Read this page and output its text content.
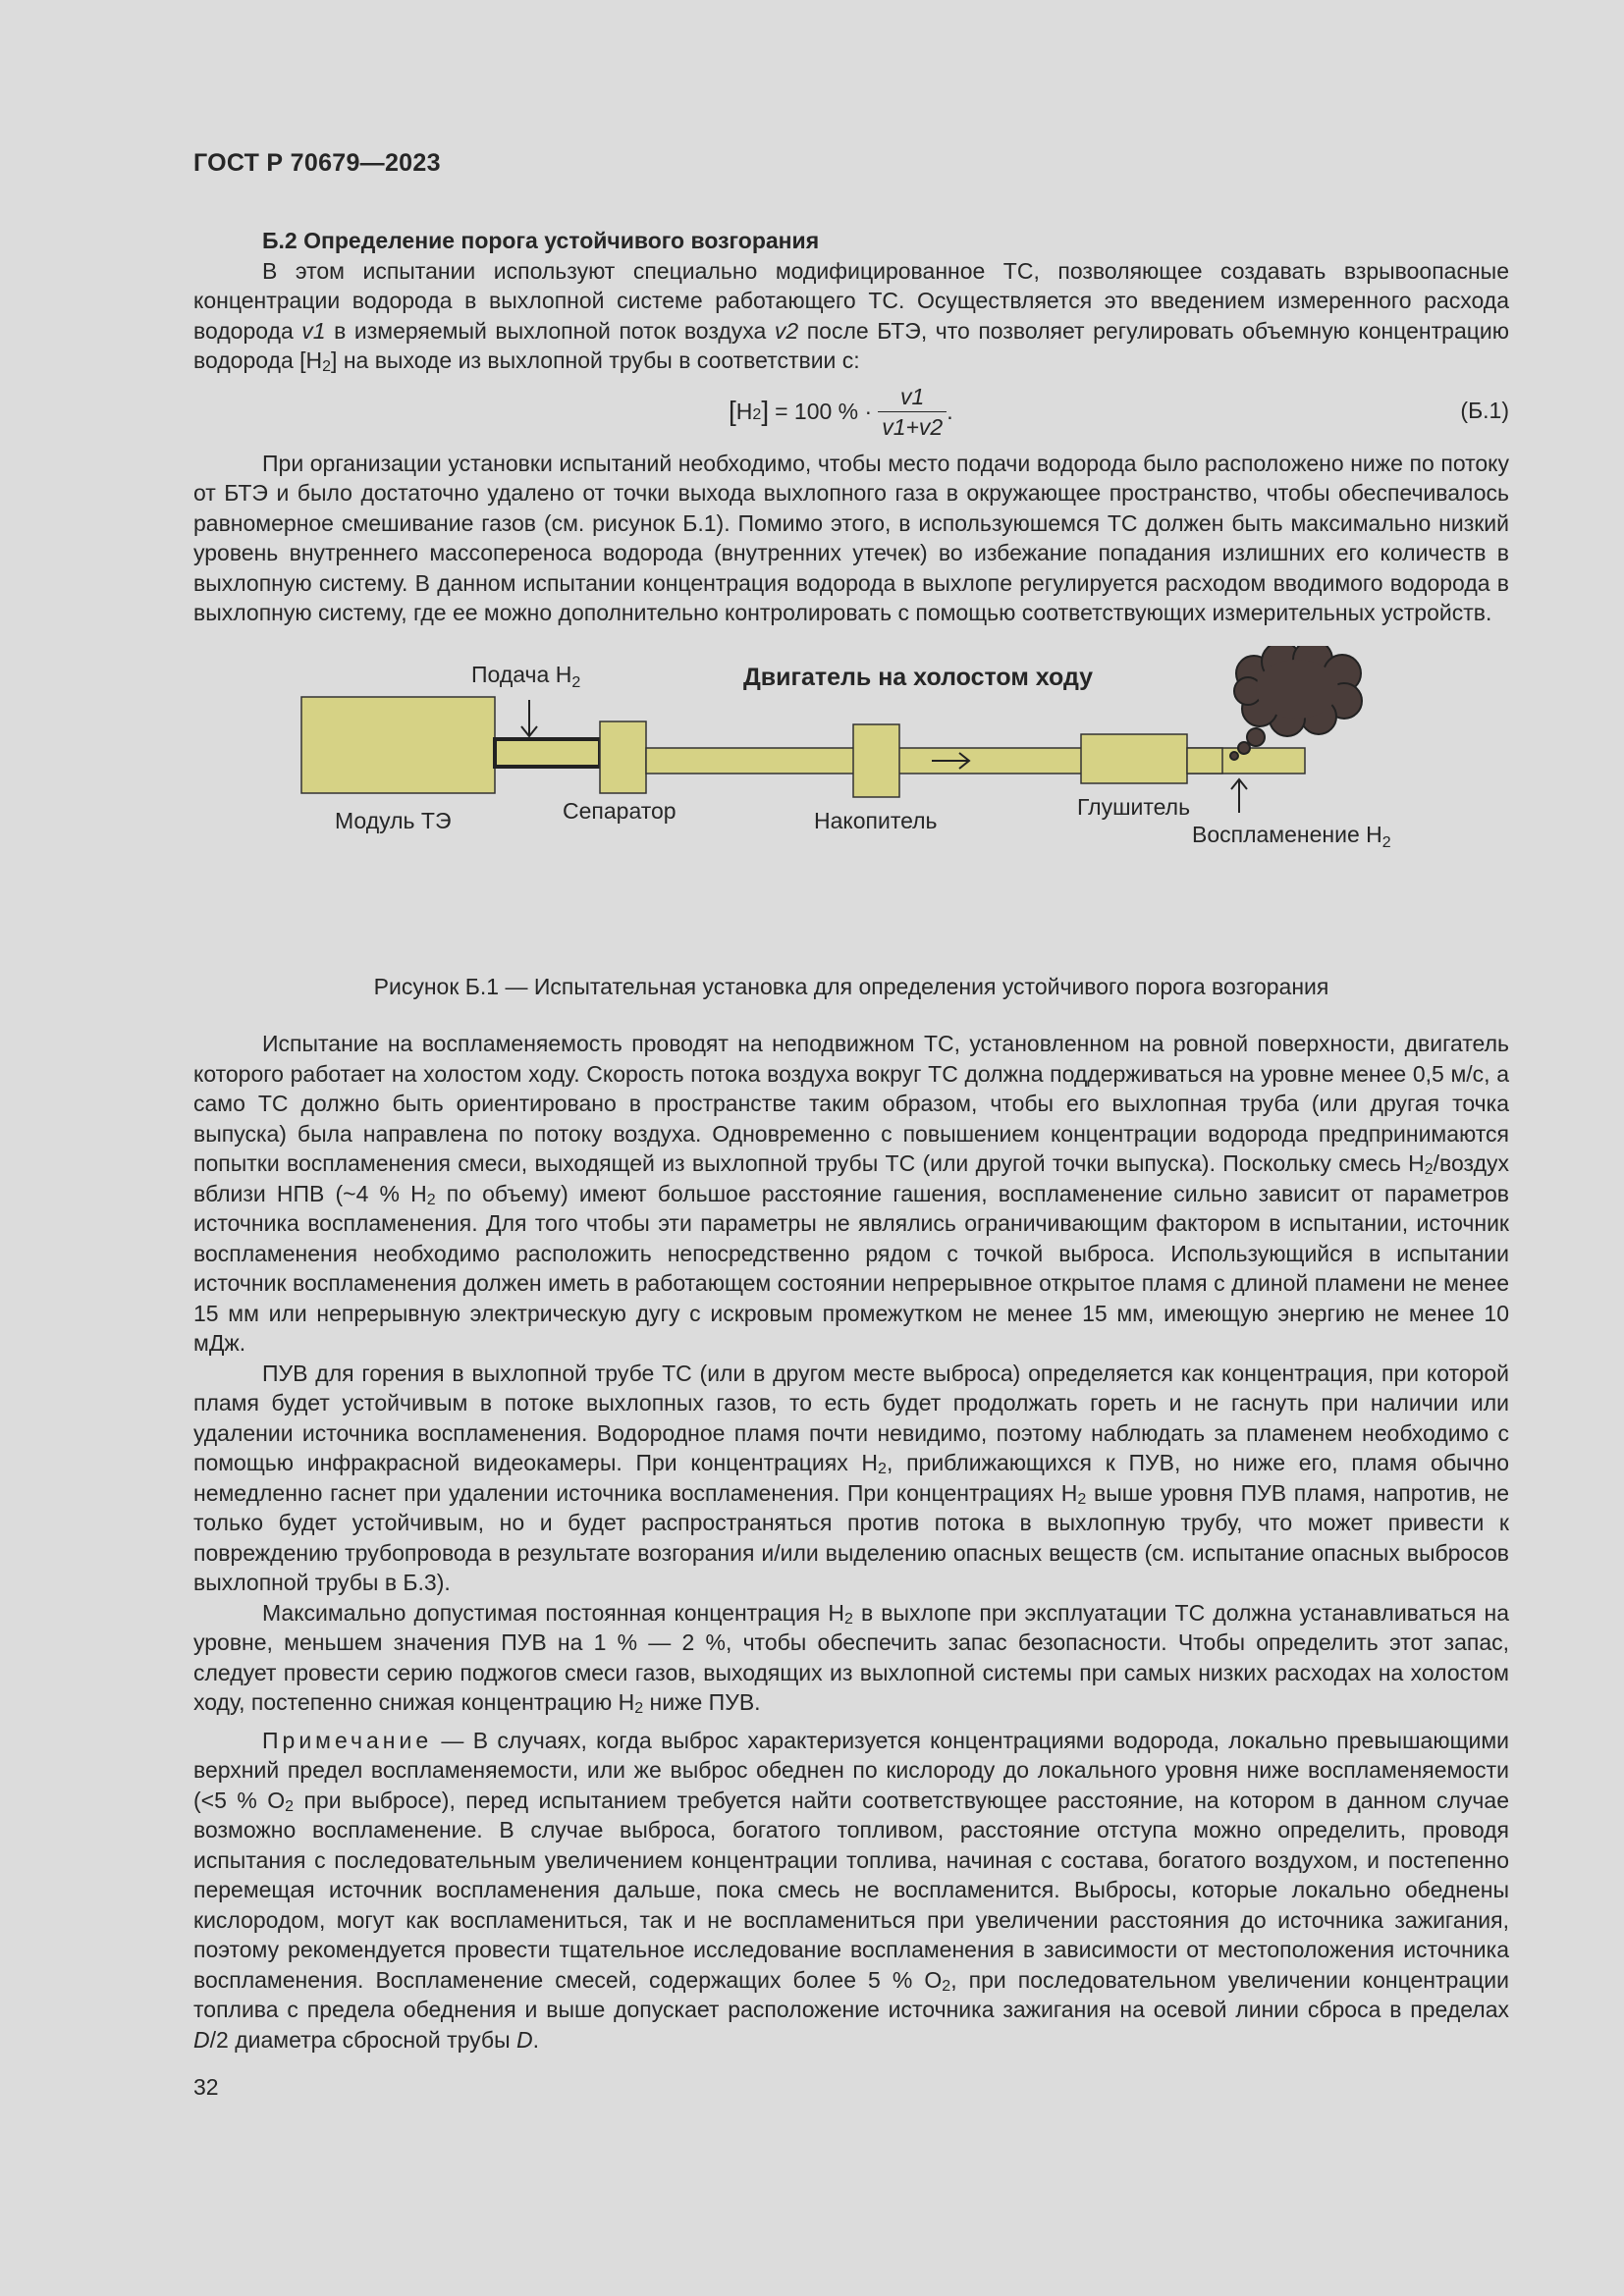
ГОСТ Р 70679—2023
Б.2 Определение порога устойчивого возгорания

В этом испытании используют специально модифицированное ТС, позволяющее создавать взрывоопасные концентрации водорода в выхлопной системе работающего ТС. Осуществляется это введением измеренного расхода водорода v1 в измеряемый выхлопной поток воздуха v2 после БТЭ, что позволяет регулировать объемную концентрацию водорода $[H_2]$ на выходе из выхлопной трубы в соответствии с:

[ $H_2$ ] = 100 % · $\frac{v1}{v1+v2}$ .	(Б.1)

При организации установки испытаний необходимо, чтобы место подачи водорода было расположено ниже по потоку от БТЭ и было достаточно удалено от точки выхода выхлопного газа в окружающее пространство, чтобы обеспечивалось равномерное смешивание газов (см. рисунок Б.1). Помимо этого, в используюшемся ТС должен быть максимально низкий уровень внутреннего массопереноса водорода (внутренних утечек) во избежание попадания излишних его количеств в выхлопную систему. В данном испытании концентрация водорода в выхлопе регулируется расходом вводимого водорода в выхлопную систему, где ее можно дополнительно контролировать с помощью соответствующих измерительных устройств.

Подача $H_2$	Двигатель на холостом ходу
Модуль ТЭ	Сепаратор	Накопитель
Глушитель
Воспламенение $H_2$

Рисунок Б.1 — Испытательная установка для определения устойчивого порога возгорания

Испытание на воспламеняемость проводят на неподвижном ТС, установленном на ровной поверхности, двигатель которого работает на холостом ходу. Скорость потока воздуха вокруг ТС должна поддерживаться на уровне менее 0,5 м/с, а само ТС должно быть ориентировано в пространстве таким образом, чтобы его выхлопная труба (или другая точка выпуска) была направлена по потоку воздуха. Одновременно с повышением концентрации водорода предпринимаются попытки воспламенения смеси, выходящей из выхлопной трубы ТС (или другой точки выпуска). Поскольку смесь $H_2$/воздух вблизи НПВ (~4 % $H_2$ по объему) имеют большое расстояние гашения, воспламенение сильно зависит от параметров источника воспламенения. Для того чтобы эти параметры не являлись ограничивающим фактором в испытании, источник воспламенения необходимо расположить непосредственно рядом с точкой выброса. Использующийся в испытании источник воспламенения должен иметь в работающем состоянии непрерывное открытое пламя с длиной пламени не менее 15 мм или непрерывную электрическую дугу с искровым промежутком не менее 15 мм, имеющую энергию не менее 10 мДж.

ПУВ для горения в выхлопной трубе ТС (или в другом месте выброса) определяется как концентрация, при которой пламя будет устойчивым в потоке выхлопных газов, то есть будет продолжать гореть и не гаснуть при наличии или удалении источника воспламенения. Водородное пламя почти невидимо, поэтому наблюдать за пламенем необходимо с помощью инфракрасной видеокамеры. При концентрациях $H_2$, приближающихся к ПУВ, но ниже его, пламя обычно немедленно гаснет при удалении источника воспламенения. При концентрациях $H_2$ выше уровня ПУВ пламя, напротив, не только будет устойчивым, но и будет распространяться против потока в выхлопную трубу, что может привести к повреждению трубопровода в результате возгорания и/или выделению опасных веществ (см. испытание опасных выбросов выхлопной трубы в Б.3).

Максимально допустимая постоянная концентрация $H_2$ в выхлопе при эксплуатации ТС должна устанавливаться на уровне, меньшем значения ПУВ на 1 % — 2 %, чтобы обеспечить запас безопасности. Чтобы определить этот запас, следует провести серию поджогов смеси газов, выходящих из выхлопной системы при самых низких расходах на холостом ходу, постепенно снижая концентрацию $H_2$ ниже ПУВ.

Примечание — В случаях, когда выброс характеризуется концентрациями водорода, локально превышающими верхний предел воспламеняемости, или же выброс обеднен по кислороду до локального уровня ниже воспламеняемости (<5 % $O_2$ при выбросе), перед испытанием требуется найти соответствующее расстояние, на котором в данном случае возможно воспламенение. В случае выброса, богатого топливом, расстояние отступа можно определить, проводя испытания с последовательным увеличением концентрации топлива, начиная с состава, богатого воздухом, и постепенно перемещая источник воспламенения дальше, пока смесь не воспламенится. Выбросы, которые локально обеднены кислородом, могут как воспламениться, так и не воспламениться при увеличении расстояния до источника зажигания, поэтому рекомендуется провести тщательное исследование воспламенения в зависимости от местоположения источника воспламенения. Воспламенение смесей, содержащих более 5 % $O_2$, при последовательном увеличении концентрации топлива с предела обеднения и выше допускает расположение источника зажигания на осевой линии сброса в пределах D/2 диаметра сбросной трубы D.

32
